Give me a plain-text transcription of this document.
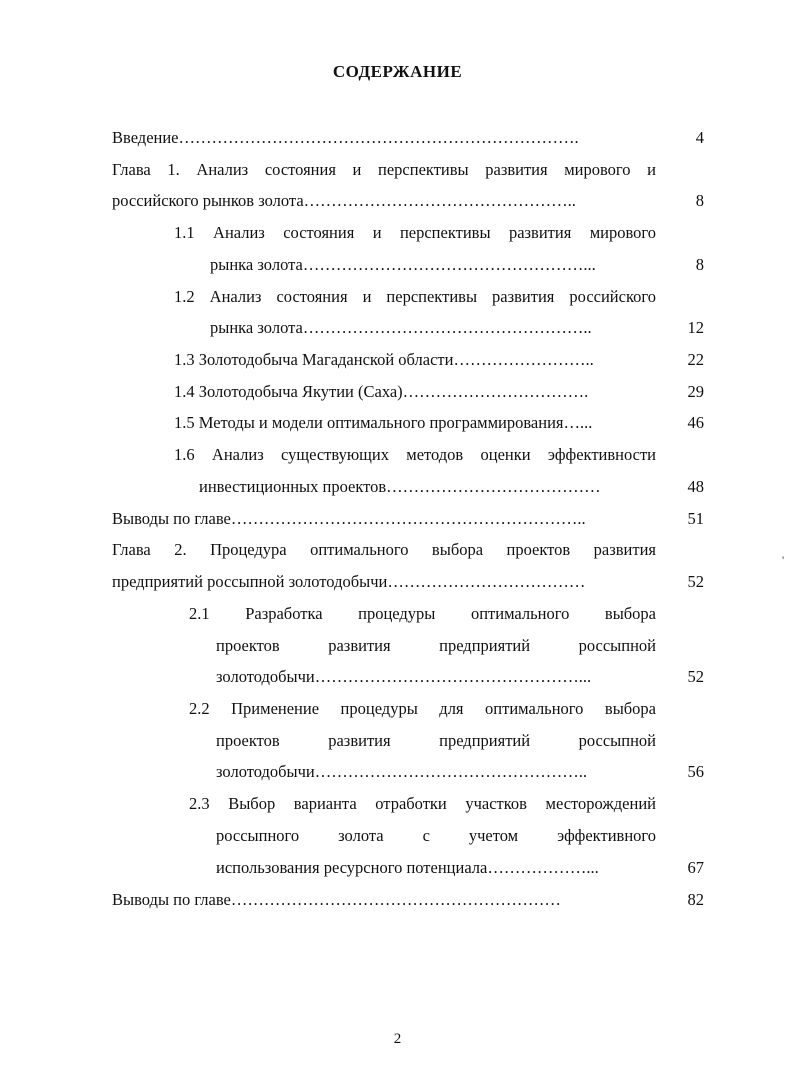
СОДЕРЖАНИЕ
Введение……………………………………………………………….	4
Глава 1. Анализ состояния и перспективы развития мирового и
российского рынков золота…………………………………………..	8
1.1 Анализ состояния и перспективы развития мирового
рынка золота……………………………………………...	8
1.2 Анализ состояния и перспективы развития российского
рынка золота……………………………………………..	12
1.3 Золотодобыча Магаданской области……………………..	22
1.4 Золотодобыча Якутии (Саха)…………………………….	29
1.5 Методы и модели оптимального программирования…...	46
1.6 Анализ существующих методов оценки эффективности
инвестиционных проектов…………………………………	48
Выводы по главе………………………………………………………..	51
Глава 2. Процедура оптимального выбора проектов развития
предприятий россыпной золотодобычи………………………………	52
2.1 Разработка процедуры оптимального выбора
проектов развития предприятий россыпной
золотодобычи…………………………………………...	52
2.2 Применение процедуры для оптимального выбора
проектов развития предприятий россыпной
золотодобычи…………………………………………..	56
2.3 Выбор варианта отработки участков месторождений
россыпного золота с учетом эффективного
использования ресурсного потенциала………………...	67
Выводы по главе……………………………………………………	82
'
2
